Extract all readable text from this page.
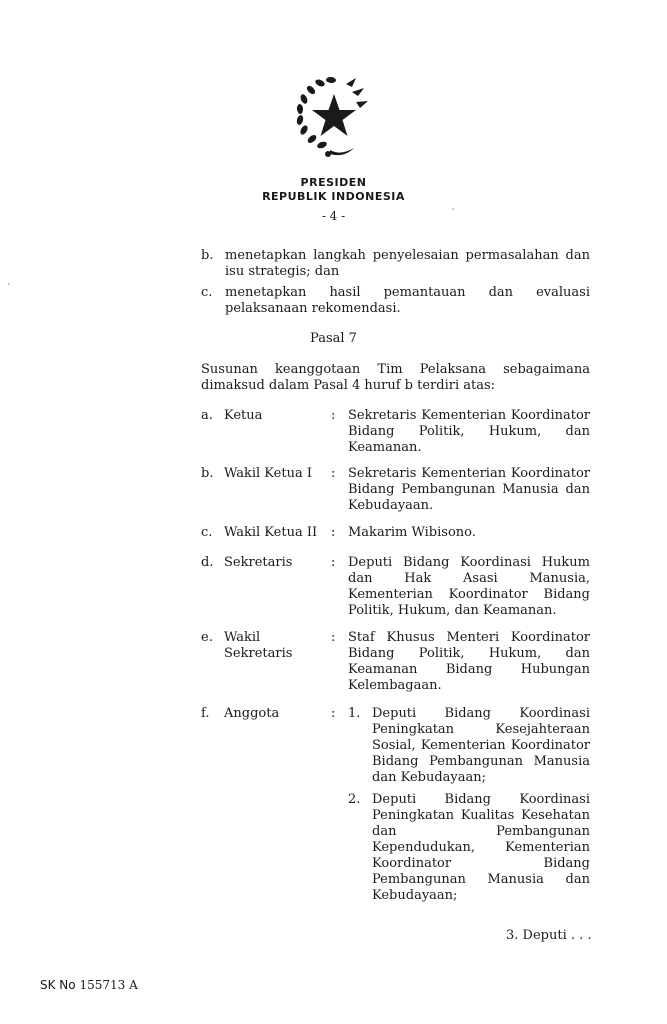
PRESIDEN
REPUBLIK INDONESIA
- 4 -
b. menetapkan langkah penyelesaian permasalahan dan
isu strategis; dan
c. menetapkan hasil pemantauan dan evaluasi
pelaksanaan rekomendasi.
Pasal 7
Susunan keanggotaan Tim Pelaksana sebagaimana
dimaksud dalam Pasal 4 huruf b terdiri atas:
a. Ketua	: Sekretaris Kementerian Koordinator
Bidang Politik, Hukum, dan
Keamanan.
b. Wakil Ketua I : Sekretaris Kementerian Koordinator
Bidang Pembangunan Manusia dan
Kebudayaan.
c. Wakil Ketua II : Makarim Wibisono.
d. Sekretaris	: Deputi Bidang Koordinasi Hukum
dan Hak Asasi Manusia,
Kementerian Koordinator Bidang
Politik, Hukum, dan Keamanan.
e. Wakil
Sekretaris
: Staf Khusus Menteri Koordinator
Bidang Politik, Hukum, dan
Keamanan Bidang Hubungan
Kelembagaan.
f. Anggota	: 1. Deputi Bidang Koordinasi
Peningkatan Kesejahteraan
Sosial, Kementerian Koordinator
Bidang Pembangunan Manusia
dan Kebudayaan;
2. Deputi Bidang Koordinasi
Peningkatan Kualitas Kesehatan
dan Pembangunan
Kependudukan, Kementerian
Koordinator Bidang
Pembangunan Manusia dan
Kebudayaan;
3. Deputi . . .
SK No 155713 A
